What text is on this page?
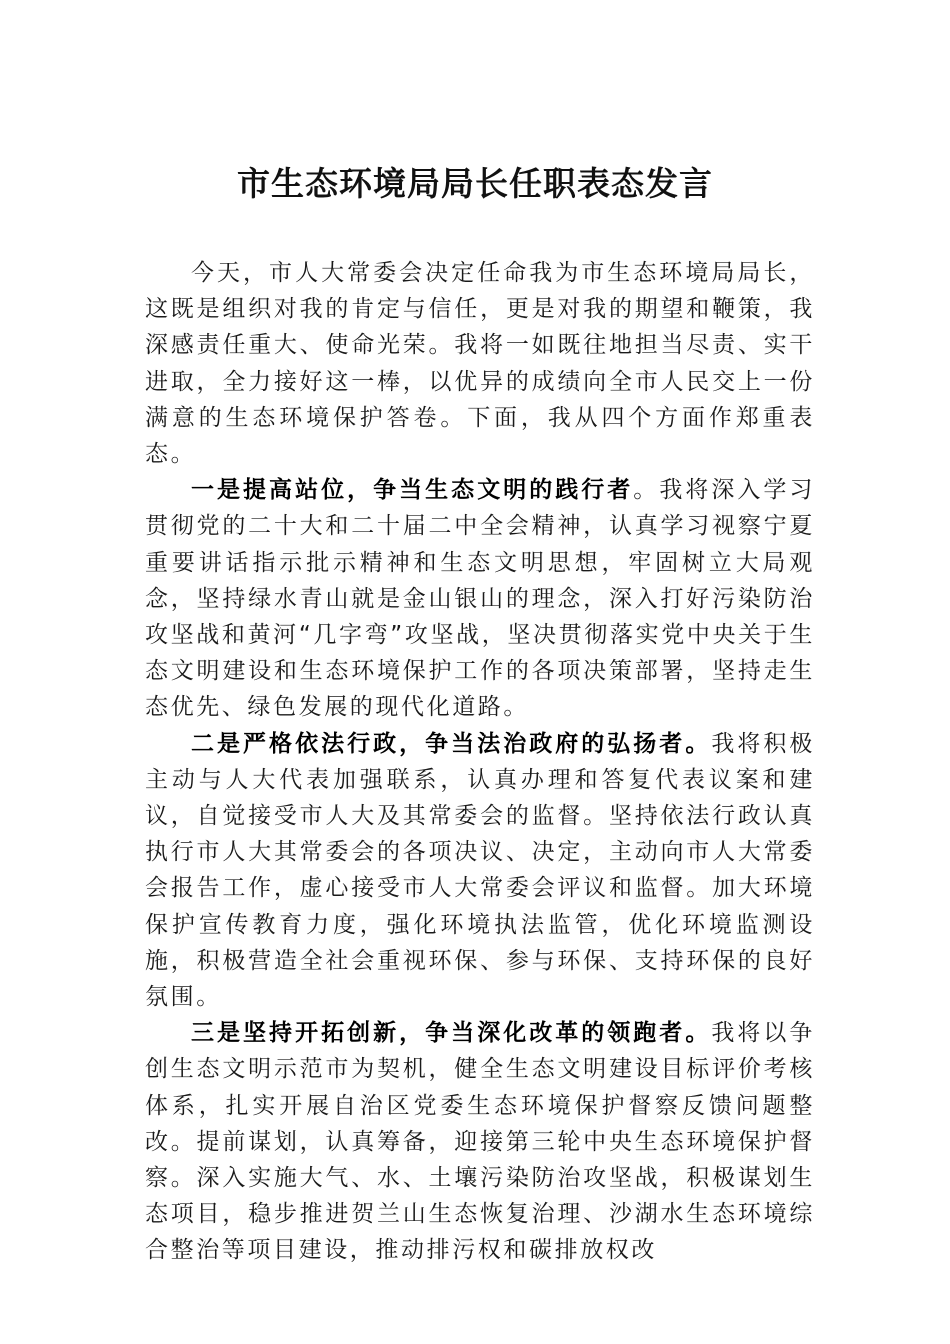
市生态环境局局长任职表态发言

今天，市人大常委会决定任命我为市生态环境局局长，这既是组织对我的肯定与信任，更是对我的期望和鞭策，我深感责任重大、使命光荣。我将一如既往地担当尽责、实干进取，全力接好这一棒，以优异的成绩向全市人民交上一份满意的生态环境保护答卷。下面，我从四个方面作郑重表态。

一是提高站位，争当生态文明的践行者。我将深入学习贯彻党的二十大和二十届二中全会精神，认真学习视察宁夏重要讲话指示批示精神和生态文明思想，牢固树立大局观念，坚持绿水青山就是金山银山的理念，深入打好污染防治攻坚战和黄河“几字弯”攻坚战，坚决贯彻落实党中央关于生态文明建设和生态环境保护工作的各项决策部署，坚持走生态优先、绿色发展的现代化道路。

二是严格依法行政，争当法治政府的弘扬者。我将积极主动与人大代表加强联系，认真办理和答复代表议案和建议，自觉接受市人大及其常委会的监督。坚持依法行政认真执行市人大其常委会的各项决议、决定，主动向市人大常委会报告工作，虚心接受市人大常委会评议和监督。加大环境保护宣传教育力度，强化环境执法监管，优化环境监测设施，积极营造全社会重视环保、参与环保、支持环保的良好氛围。

三是坚持开拓创新，争当深化改革的领跑者。我将以争创生态文明示范市为契机，健全生态文明建设目标评价考核体系，扎实开展自治区党委生态环境保护督察反馈问题整改。提前谋划，认真筹备，迎接第三轮中央生态环境保护督察。深入实施大气、水、土壤污染防治攻坚战，积极谋划生态项目，稳步推进贺兰山生态恢复治理、沙湖水生态环境综合整治等项目建设，推动排污权和碳排放权改
